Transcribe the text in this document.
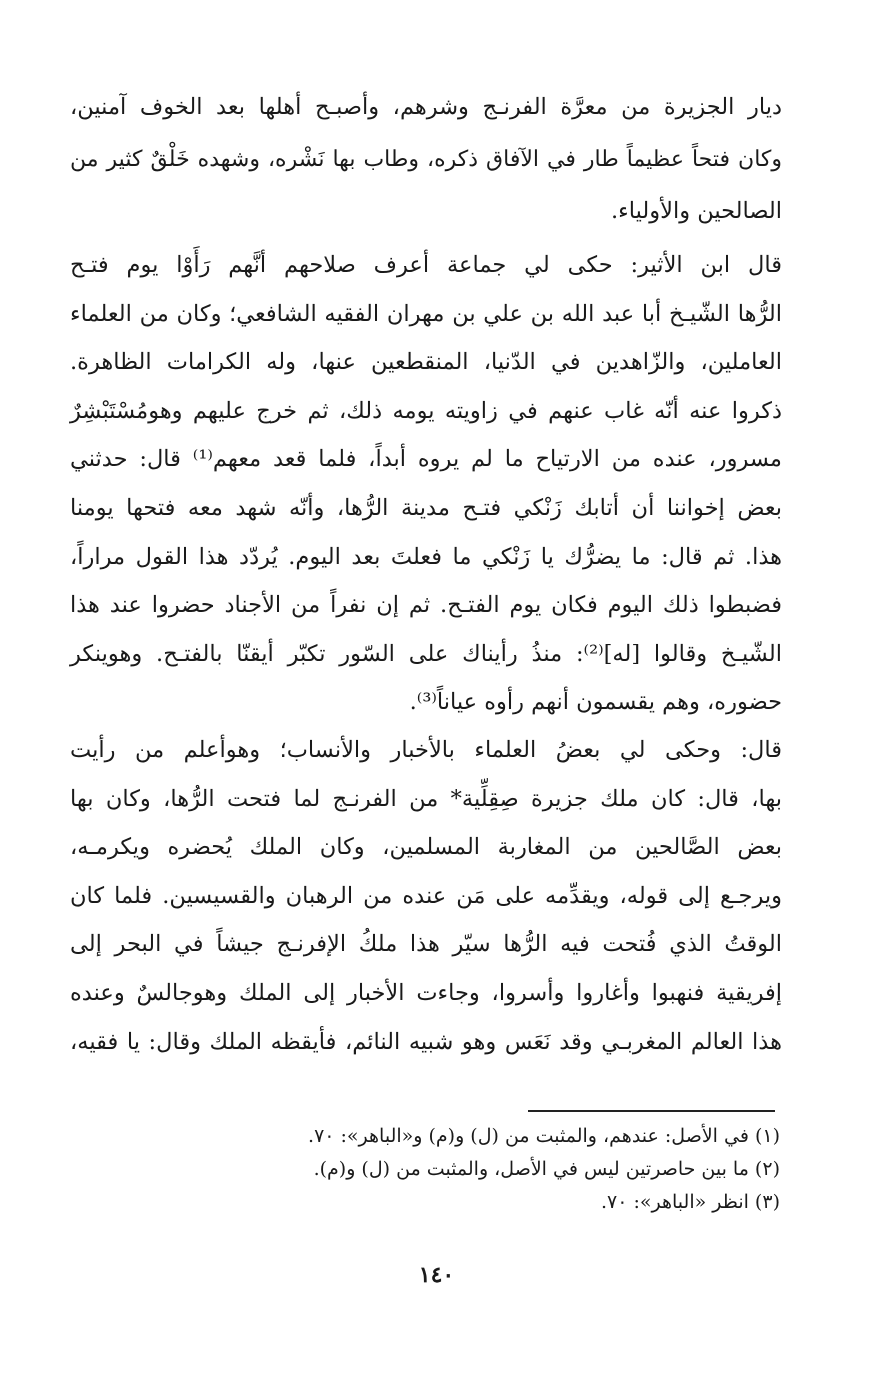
ديار الجزيرة من معرَّة الفرنـج وشرهم، وأصبـح أهلها بعد الخوف آمنين،
وكان فتحاً عظيماً طار في الآفاق ذكره، وطاب بها نَشْره، وشهده خَلْقٌ كثير من
الصالحين والأولياء.
قال ابن الأثير: حكى لي جماعة أعرف صلاحهم أنَّهم رَأَوْا يوم فتـح
الرُّها الشّيـخ أبا عبد الله بن علي بن مهران الفقيه الشافعي؛ وكان من العلماء
العاملين، والزّاهدين في الدّنيا، المنقطعين عنها، وله الكرامات الظاهرة.
ذكروا عنه أنّه غاب عنهم في زاويته يومه ذلك، ثم خرج عليهم وهومُسْتَبْشِرٌ
مسرور، عنده من الارتياح ما لم يروه أبداً، فلما قعد معهم⁽¹⁾ قال: حدثني
بعض إخواننا أن أتابك زَنْكي فتـح مدينة الرُّها، وأنّه شهد معه فتحها يومنا
هذا. ثم قال: ما يضرُّك يا زَنْكي ما فعلتَ بعد اليوم. يُردّد هذا القول مراراً،
فضبطوا ذلك اليوم فكان يوم الفتـح. ثم إن نفراً من الأجناد حضروا عند هذا
الشّيـخ وقالوا [له]⁽²⁾: منذُ رأيناك على السّور تكبّر أيقنّا بالفتـح. وهوينكر
حضوره، وهم يقسمون أنهم رأوه عياناً⁽³⁾.
قال: وحكى لي بعضُ العلماء بالأخبار والأنساب؛ وهوأعلم من رأيت
بها، قال: كان ملك جزيرة صِقِلِّية* من الفرنـج لما فتحت الرُّها، وكان بها
بعض الصَّالحين من المغاربة المسلمين، وكان الملك يُحضره ويكرمـه،
ويرجـع إلى قوله، ويقدِّمه على مَن عنده من الرهبان والقسيسين. فلما كان
الوقتُ الذي فُتحت فيه الرُّها سيّر هذا ملكُ الإفرنـج جيشاً في البحر إلى
إفريقية فنهبوا وأغاروا وأسروا، وجاءت الأخبار إلى الملك وهوجالسٌ وعنده
هذا العالم المغربـي وقد نَعَس وهو شبيه النائم، فأيقظه الملك وقال: يا فقيه،
(١) في الأصل: عندهم، والمثبت من (ل) و(م) و«الباهر»: ٧٠.
(٢) ما بين حاصرتين ليس في الأصل، والمثبت من (ل) و(م).
(٣) انظر «الباهر»: ٧٠.
١٤٠
